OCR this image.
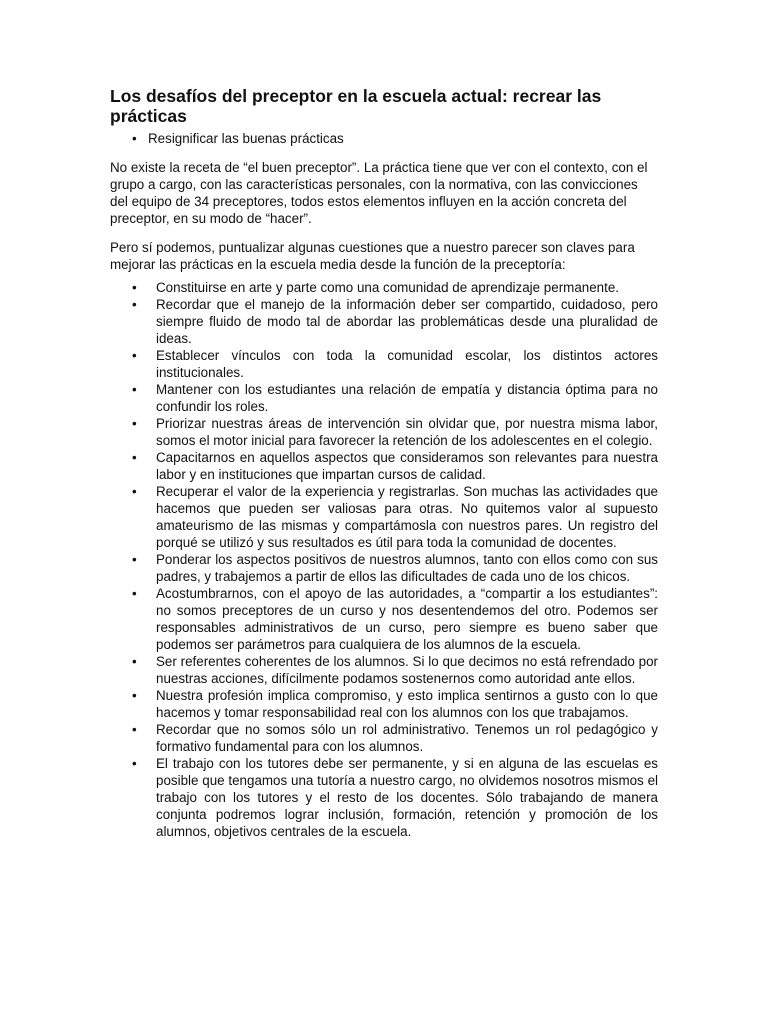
Los desafíos del preceptor en la escuela actual: recrear las prácticas
• Resignificar las buenas prácticas

No existe la receta de “el buen preceptor”. La práctica tiene que ver con el contexto, con el grupo a cargo, con las características personales, con la normativa, con las convicciones del equipo de 34 preceptores, todos estos elementos influyen en la acción concreta del preceptor, en su modo de “hacer”.

Pero sí podemos, puntualizar algunas cuestiones que a nuestro parecer son claves para mejorar las prácticas en la escuela media desde la función de la preceptoría:

• Constituirse en arte y parte como una comunidad de aprendizaje permanente.
• Recordar que el manejo de la información deber ser compartido, cuidadoso, pero siempre fluido de modo tal de abordar las problemáticas desde una pluralidad de ideas.
• Establecer vínculos con toda la comunidad escolar, los distintos actores institucionales.
• Mantener con los estudiantes una relación de empatía y distancia óptima para no confundir los roles.
• Priorizar nuestras áreas de intervención sin olvidar que, por nuestra misma labor, somos el motor inicial para favorecer la retención de los adolescentes en el colegio.
• Capacitarnos en aquellos aspectos que consideramos son relevantes para nuestra labor y en instituciones que impartan cursos de calidad.
• Recuperar el valor de la experiencia y registrarlas. Son muchas las actividades que hacemos que pueden ser valiosas para otras. No quitemos valor al supuesto amateurismo de las mismas y compartámosla con nuestros pares. Un registro del porqué se utilizó y sus resultados es útil para toda la comunidad de docentes.
• Ponderar los aspectos positivos de nuestros alumnos, tanto con ellos como con sus padres, y trabajemos a partir de ellos las dificultades de cada uno de los chicos.
• Acostumbrarnos, con el apoyo de las autoridades, a “compartir a los estudiantes”: no somos preceptores de un curso y nos desentendemos del otro. Podemos ser responsables administrativos de un curso, pero siempre es bueno saber que podemos ser parámetros para cualquiera de los alumnos de la escuela.
• Ser referentes coherentes de los alumnos. Si lo que decimos no está refrendado por nuestras acciones, difícilmente podamos sostenernos como autoridad ante ellos.
• Nuestra profesión implica compromiso, y esto implica sentirnos a gusto con lo que hacemos y tomar responsabilidad real con los alumnos con los que trabajamos.
• Recordar que no somos sólo un rol administrativo. Tenemos un rol pedagógico y formativo fundamental para con los alumnos.
• El trabajo con los tutores debe ser permanente, y si en alguna de las escuelas es posible que tengamos una tutoría a nuestro cargo, no olvidemos nosotros mismos el trabajo con los tutores y el resto de los docentes. Sólo trabajando de manera conjunta podremos lograr inclusión, formación, retención y promoción de los alumnos, objetivos centrales de la escuela.
